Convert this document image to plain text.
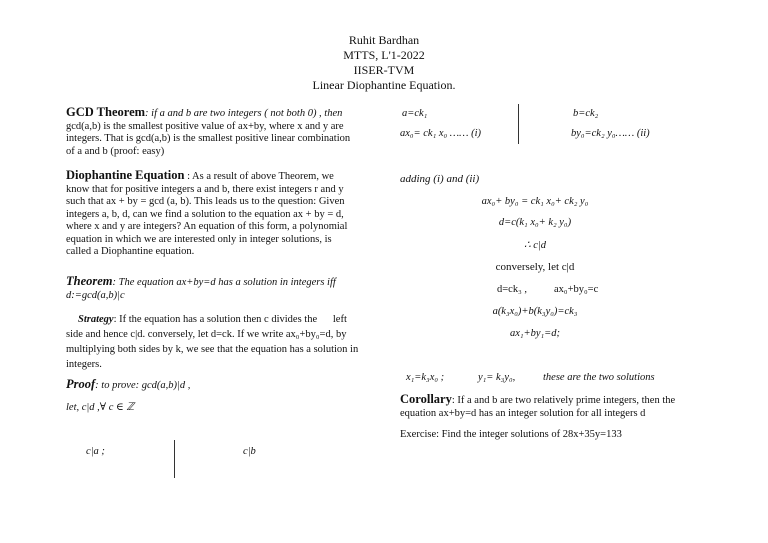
Ruhit Bardhan
MTTS, L'1-2022
IISER-TVM
Linear Diophantine Equation.
GCD Theorem: if a and b are two integers ( not both 0) , then
gcd(a,b) is the smallest positive value of ax+by, where x and y are
integers. That is gcd(a,b) is the smallest positive linear combination
of a and b (proof: easy)
Diophantine Equation : As a result of above Theorem, we
know that for positive integers a and b, there exist integers r and y
such that ax + by = gcd (a, b). This leads us to the question: Given
integers a, b, d, can we find a solution to the equation ax + by = d,
where x and y are integers? An equation of this form, a polynomial
equation in which we are interested only in integer solutions, is
called a Diophantine equation.
Theorem: The equation ax+by=d has a solution in integers iff
d:=gcd(a,b)|c
Strategy: If the equation has a solution then c divides the      left
side and hence c|d. conversely, let d=ck. If we write ax₀+by₀=d, by
multiplying both sides by k, we see that the equation has a solution in
integers.
Proof: to prove: gcd(a,b)|d ,
let, c|d ,∀ c ∈ ℤ
c|a ;	c|b
a=ck₁	b=ck₂
ax₀= ck₁ x₀ …… (i)	by₀=ck₂ y₀…… (ii)
adding (i) and (ii)
ax₀+ by₀ = ck₁ x₀+ ck₂ y₀
d=c(k₁ x₀+ k₂ y₀)
∴ c|d
conversely, let c|d
d=ck₃ ,	ax₀+by₀=c
a(k₃x₀)+b(k₃y₀)=ck₃
ax₁+by₁=d;
x₁=k₃x₀ ;	y₁= k₃y₀,	these are the two solutions
Corollary: If a and b are two relatively prime integers, then the
equation ax+by=d has an integer solution for all integers d
Exercise: Find the integer solutions of 28x+35y=133
